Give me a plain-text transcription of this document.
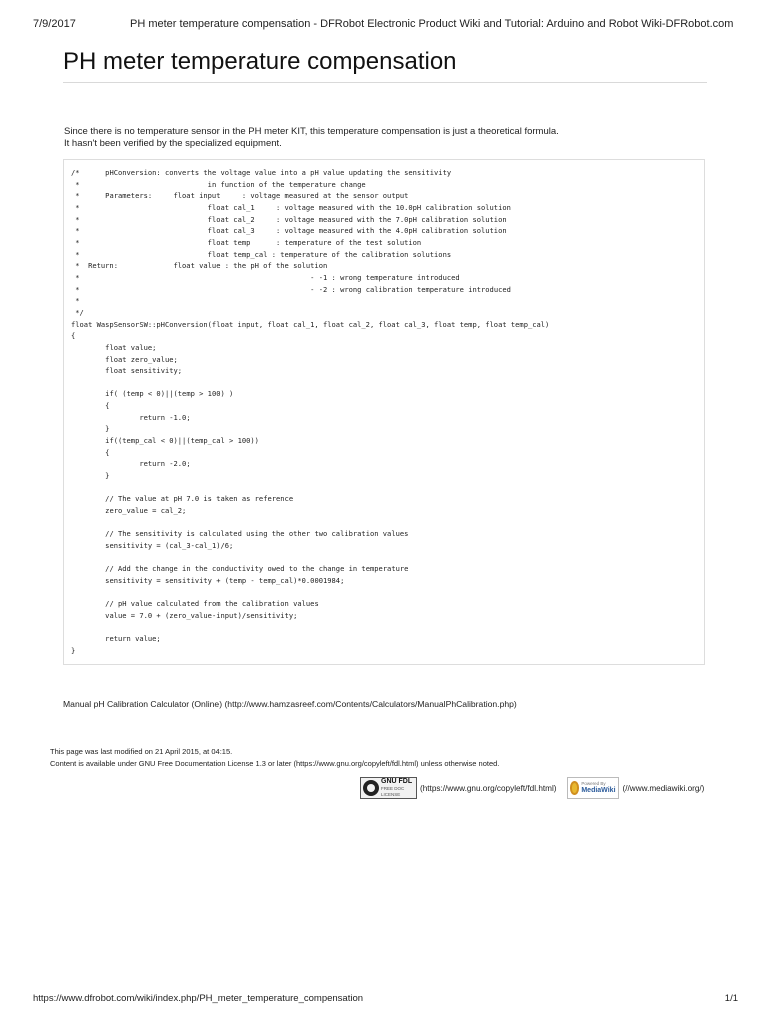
7/9/2017	PH meter temperature compensation - DFRobot Electronic Product Wiki and Tutorial: Arduino and Robot Wiki-DFRobot.com
PH meter temperature compensation

Since there is no temperature sensor in the PH meter KIT, this temperature compensation is just a theoretical formula.

It hasn't been verified by the specialized equipment.

/*	pHConversion: converts the voltage value into a pH value updating the sensitivity
*				in function of the temperature change
*	Parameters:	float input	: voltage measured at the sensor output
*				float cal_1	: voltage measured with the 10.0pH calibration solution
*				float cal_2	: voltage measured with the 7.0pH calibration solution
*				float cal_3	: voltage measured with the 4.0pH calibration solution
*				float temp	: temperature of the test solution
*				float temp_cal : temperature of the calibration solutions
*  Return:		float value : the pH of the solution
*							- -1 : wrong temperature introduced
*							- -2 : wrong calibration temperature introduced
*
*/
float WaspSensorSW::pHConversion(float input, float cal_1, float cal_2, float cal_3, float temp, float temp_cal)
{
	float value;
	float zero_value;
	float sensitivity;

	if( (temp < 0)||(temp > 100) )
	{
		return -1.0;
	}
	if((temp_cal < 0)||(temp_cal > 100))
	{
		return -2.0;
	}

	// The value at pH 7.0 is taken as reference
	zero_value = cal_2;

	// The sensitivity is calculated using the other two calibration values
	sensitivity = (cal_3-cal_1)/6;

	// Add the change in the conductivity owed to the change in temperature
	sensitivity = sensitivity + (temp - temp_cal)*0.0001984;

	// pH value calculated from the calibration values
	value = 7.0 + (zero_value-input)/sensitivity;

	return value;
}
Manual pH Calibration Calculator (Online) (http://www.hamzasreef.com/Contents/Calculators/ManualPhCalibration.php)

This page was last modified on 21 April 2015, at 04:15.

Content is available under GNU Free Documentation License 1.3 or later (https://www.gnu.org/copyleft/fdl.html) unless otherwise noted.

GNU FDL
FREE DOC
LICENSE
(https://www.gnu.org/copyleft/fdl.html)	Powered By
MediaWiki (//www.mediawiki.org/)
https://www.dfrobot.com/wiki/index.php/PH_meter_temperature_compensation	1/1
